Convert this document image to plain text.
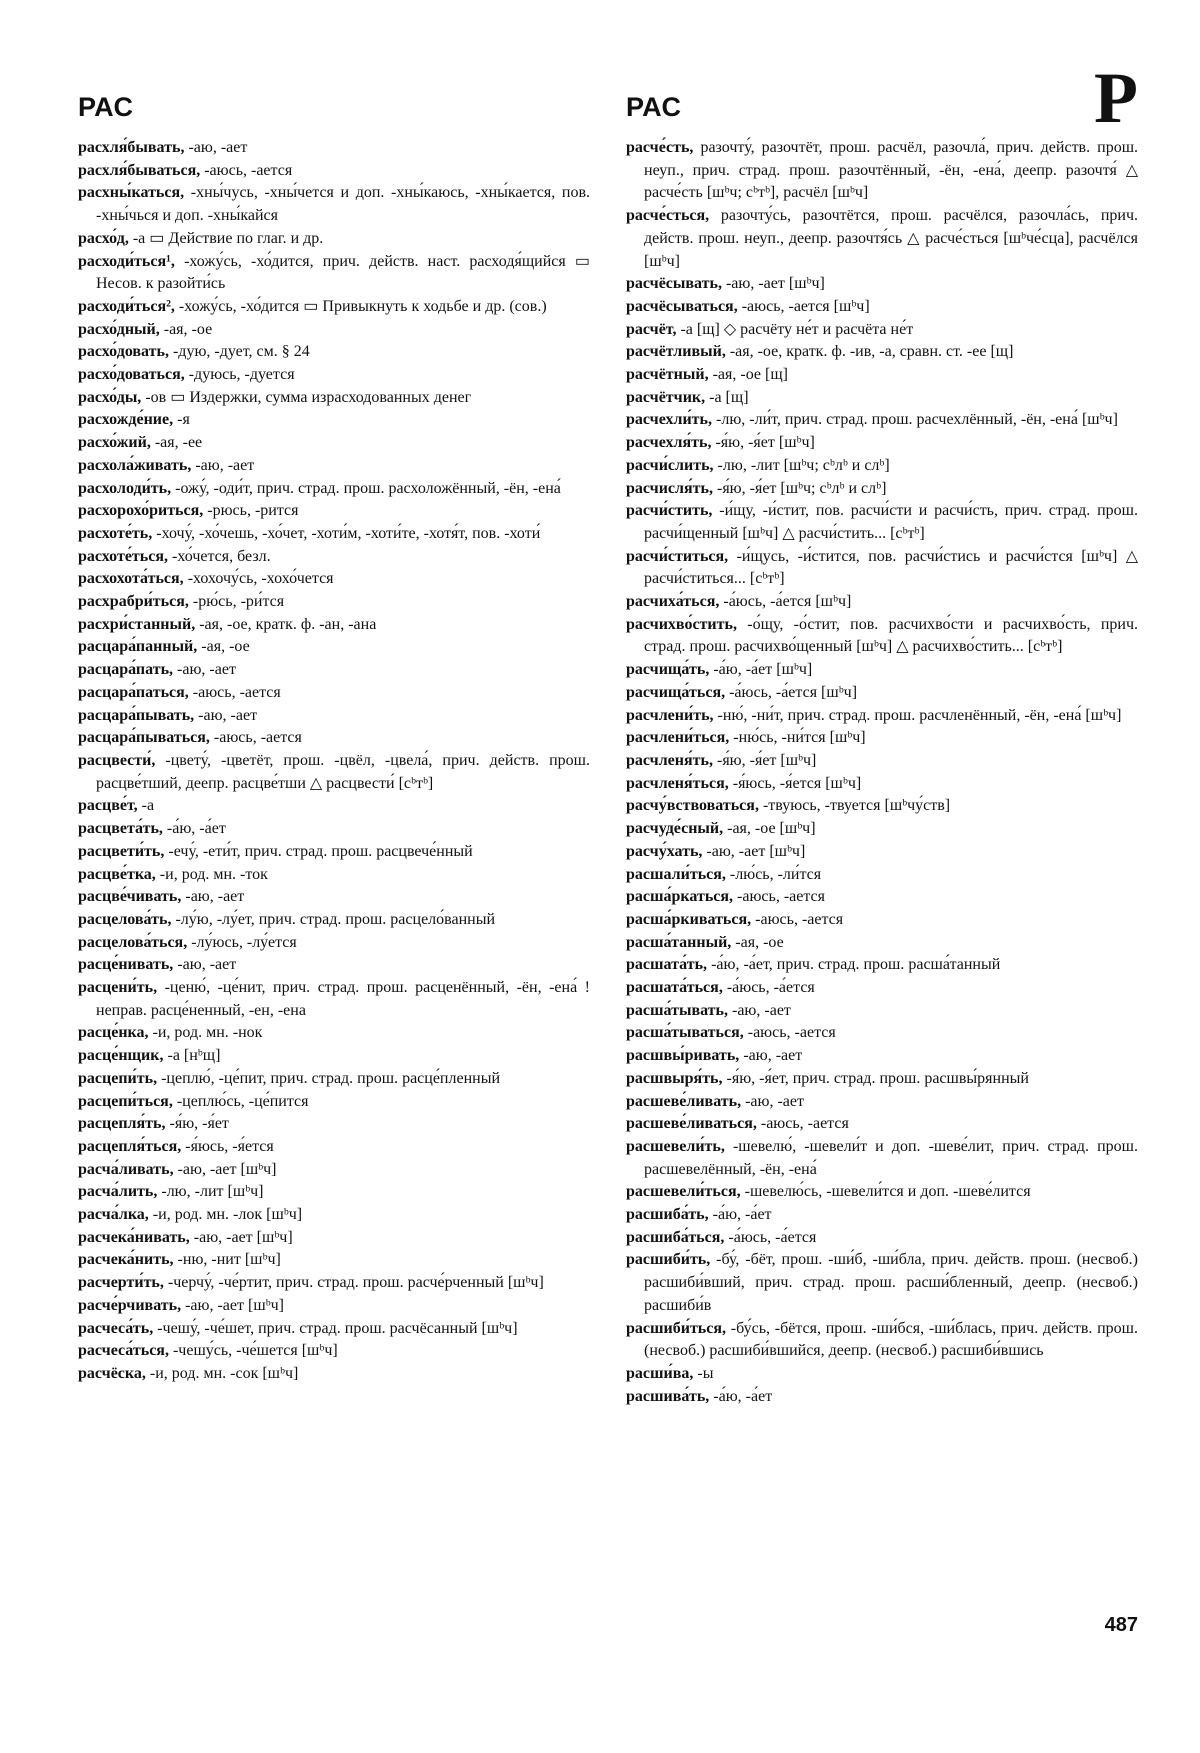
РАС	РАС	Р

расхля́бывать, -аю, -ает

расхля́бываться, -аюсь, -ается

расхны́каться, -хны́чусь, -хны́чется и доп. -хны́каюсь, -хны́кается, пов. -хны́чься и доп. -хны́кайся

расхо́д, -а ▭ Действие по глаг. и др.

расходи́ться¹, -хожу́сь, -хо́дится, прич. действ. наст. расходя́щийся ▭ Несов. к разойти́сь

расходи́ться², -хожу́сь, -хо́дится ▭ Привыкнуть к ходьбе и др. (сов.)

расхо́дный, -ая, -ое

расхо́довать, -дую, -дует, см. § 24

расхо́доваться, -дуюсь, -дуется

расхо́ды, -ов ▭ Издержки, сумма израсходованных денег

расхожде́ние, -я

расхо́жий, -ая, -ее

расхола́живать, -аю, -ает

расхолоди́ть, -ожу́, -оди́т, прич. страд. прош. расхоложённый, -ён, -ена́

расхорохо́риться, -рюсь, -рится

расхоте́ть, -хочу́, -хо́чешь, -хо́чет, -хоти́м, -хоти́те, -хотя́т, пов. -хоти́

расхоте́ться, -хо́чется, безл.

расхохота́ться, -хохочу́сь, -хохо́чется

расхрабри́ться, -рю́сь, -ри́тся

расхри́станный, -ая, -ое, кратк. ф. -ан, -ана

расцара́панный, -ая, -ое

расцара́пать, -аю, -ает

расцара́паться, -аюсь, -ается

расцара́пывать, -аю, -ает

расцара́пываться, -аюсь, -ается

расцвести́, -цвету́, -цветёт, прош. -цвёл, -цвела́, прич. действ. прош. расцве́тший, деепр. расцве́тши △ расцвести́ [сᵇтᵇ]

расцве́т, -а

расцвета́ть, -а́ю, -а́ет

расцвети́ть, -ечу́, -ети́т, прич. страд. прош. расцвече́нный

расцве́тка, -и, род. мн. -ток

расцве́чивать, -аю, -ает

расцелова́ть, -лу́ю, -лу́ет, прич. страд. прош. расцело́ванный

расцелова́ться, -лу́юсь, -лу́ется

расце́нивать, -аю, -ает

расцени́ть, -ценю́, -це́нит, прич. страд. прош. расценённый, -ён, -ена́ ! неправ. расце́ненный, -ен, -ена

расце́нка, -и, род. мн. -нок

расце́нщик, -а [нᵇщ]

расцепи́ть, -цеплю́, -це́пит, прич. страд. прош. расце́пленный

расцепи́ться, -цеплю́сь, -це́пится

расцепля́ть, -я́ю, -я́ет

расцепля́ться, -я́юсь, -я́ется

расча́ливать, -аю, -ает [шᵇч]

расча́лить, -лю, -лит [шᵇч]

расча́лка, -и, род. мн. -лок [шᵇч]

расчека́нивать, -аю, -ает [шᵇч]

расчека́нить, -ню, -нит [шᵇч]

расчерти́ть, -черчу́, -че́ртит, прич. страд. прош. расче́рченный [шᵇч]

расче́рчивать, -аю, -ает [шᵇч]

расчеса́ть, -чешу́, -че́шет, прич. страд. прош. расчёсанный [шᵇч]

расчеса́ться, -чешу́сь, -че́шется [шᵇч]

расчёска, -и, род. мн. -сок [шᵇч]

расче́сть, разочту́, разочтёт, прош. расчёл, разочла́, прич. действ. прош. неуп., прич. страд. прош. разочтённый, -ён, -ена́, деепр. разочтя́ △ расче́сть [шᵇч; сᵇтᵇ], расчёл [шᵇч]

расче́сться, разочту́сь, разочтётся, прош. расчёлся, разочла́сь, прич. действ. прош. неуп., деепр. разочтя́сь △ расче́сться [шᵇче́сца], расчёлся [шᵇч]

расчёсывать, -аю, -ает [шᵇч]

расчёсываться, -аюсь, -ается [шᵇч]

расчёт, -а [щ] ◇ расчёту не́т и расчёта не́т

расчётливый, -ая, -ое, кратк. ф. -ив, -а, сравн. ст. -ее [щ]

расчётный, -ая, -ое [щ]

расчётчик, -а [щ]

расчехли́ть, -лю, -ли́т, прич. страд. прош. расчехлённый, -ён, -ена́ [шᵇч]

расчехля́ть, -я́ю, -я́ет [шᵇч]

расчи́слить, -лю, -лит [шᵇч; сᵇлᵇ и слᵇ]

расчисля́ть, -я́ю, -я́ет [шᵇч; сᵇлᵇ и слᵇ]

расчи́стить, -и́щу, -и́стит, пов. расчи́сти и расчи́сть, прич. страд. прош. расчи́щенный [шᵇч] △ расчи́стить... [сᵇтᵇ]

расчи́ститься, -и́щусь, -и́стится, пов. расчи́стись и расчи́стся [шᵇч] △ расчи́ститься... [сᵇтᵇ]

расчиха́ться, -а́юсь, -а́ется [шᵇч]

расчихво́стить, -о́щу, -о́стит, пов. расчихво́сти и расчихво́сть, прич. страд. прош. расчихво́щенный [шᵇч] △ расчихво́стить... [сᵇтᵇ]

расчища́ть, -а́ю, -а́ет [шᵇч]

расчища́ться, -а́юсь, -а́ется [шᵇч]

расчлени́ть, -ню́, -ни́т, прич. страд. прош. расчленённый, -ён, -ена́ [шᵇч]

расчлени́ться, -ню́сь, -ни́тся [шᵇч]

расчленя́ть, -я́ю, -я́ет [шᵇч]

расчленя́ться, -я́юсь, -я́ется [шᵇч]

расчу́вствоваться, -твуюсь, -твуется [шᵇчу́ств]

расчуде́сный, -ая, -ое [шᵇч]

расчу́хать, -аю, -ает [шᵇч]

расшали́ться, -лю́сь, -ли́тся

расша́ркаться, -аюсь, -ается

расша́ркиваться, -аюсь, -ается

расша́танный, -ая, -ое

расшата́ть, -а́ю, -а́ет, прич. страд. прош. расша́танный

расшата́ться, -а́юсь, -а́ется

расша́тывать, -аю, -ает

расша́тываться, -аюсь, -ается

расшвы́ривать, -аю, -ает

расшвыря́ть, -я́ю, -я́ет, прич. страд. прош. расшвы́рянный

расшеве́ливать, -аю, -ает

расшеве́ливаться, -аюсь, -ается

расшевели́ть, -шевелю́, -шевели́т и доп. -шеве́лит, прич. страд. прош. расшевелённый, -ён, -ена́

расшевели́ться, -шевелю́сь, -шевели́тся и доп. -шеве́лится

расшиба́ть, -а́ю, -а́ет

расшиба́ться, -а́юсь, -а́ется

расшиби́ть, -бу́, -бёт, прош. -ши́б, -ши́бла, прич. действ. прош. (несвоб.) расшиби́вший, прич. страд. прош. расши́бленный, деепр. (несвоб.) расшиби́в

расшиби́ться, -бу́сь, -бётся, прош. -ши́бся, -ши́блась, прич. действ. прош. (несвоб.) расшиби́вшийся, деепр. (несвоб.) расшиби́вшись

расши́ва, -ы

расшива́ть, -а́ю, -а́ет

487
